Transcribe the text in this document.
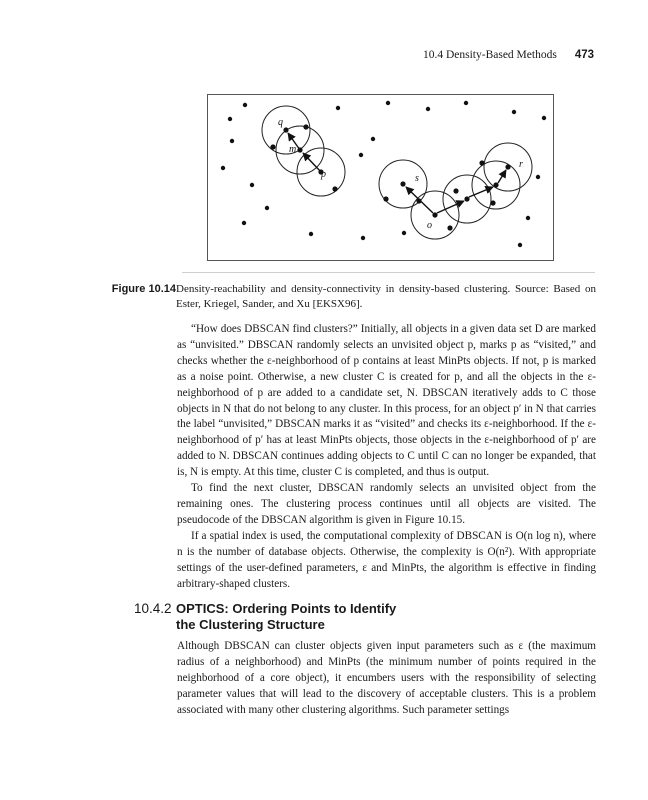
10.4 Density-Based Methods 473
q
m
p	s
o
r
Figure 10.14 Density-reachability and density-connectivity in density-based clustering. Source: Based on Ester, Kriegel, Sander, and Xu [EKSX96].

“How does DBSCAN find clusters?” Initially, all objects in a given data set D are marked as “unvisited.” DBSCAN randomly selects an unvisited object p, marks p as “visited,” and checks whether the ε-neighborhood of p contains at least MinPts objects. If not, p is marked as a noise point. Otherwise, a new cluster C is created for p, and all the objects in the ε-neighborhood of p are added to a candidate set, N. DBSCAN iteratively adds to C those objects in N that do not belong to any cluster. In this process, for an object p′ in N that carries the label “unvisited,” DBSCAN marks it as “visited” and checks its ε-neighborhood. If the ε-neighborhood of p′ has at least MinPts objects, those objects in the ε-neighborhood of p′ are added to N. DBSCAN continues adding objects to C until C can no longer be expanded, that is, N is empty. At this time, cluster C is completed, and thus is output.

To find the next cluster, DBSCAN randomly selects an unvisited object from the remaining ones. The clustering process continues until all objects are visited. The pseudocode of the DBSCAN algorithm is given in Figure 10.15.

If a spatial index is used, the computational complexity of DBSCAN is O(n log n), where n is the number of database objects. Otherwise, the complexity is O(n²). With appropriate settings of the user-defined parameters, ε and MinPts, the algorithm is effective in finding arbitrary-shaped clusters.

10.4.2 OPTICS: Ordering Points to Identify
the Clustering Structure

Although DBSCAN can cluster objects given input parameters such as ε (the maximum radius of a neighborhood) and MinPts (the minimum number of points required in the neighborhood of a core object), it encumbers users with the responsibility of selecting parameter values that will lead to the discovery of acceptable clusters. This is a problem associated with many other clustering algorithms. Such parameter settings
